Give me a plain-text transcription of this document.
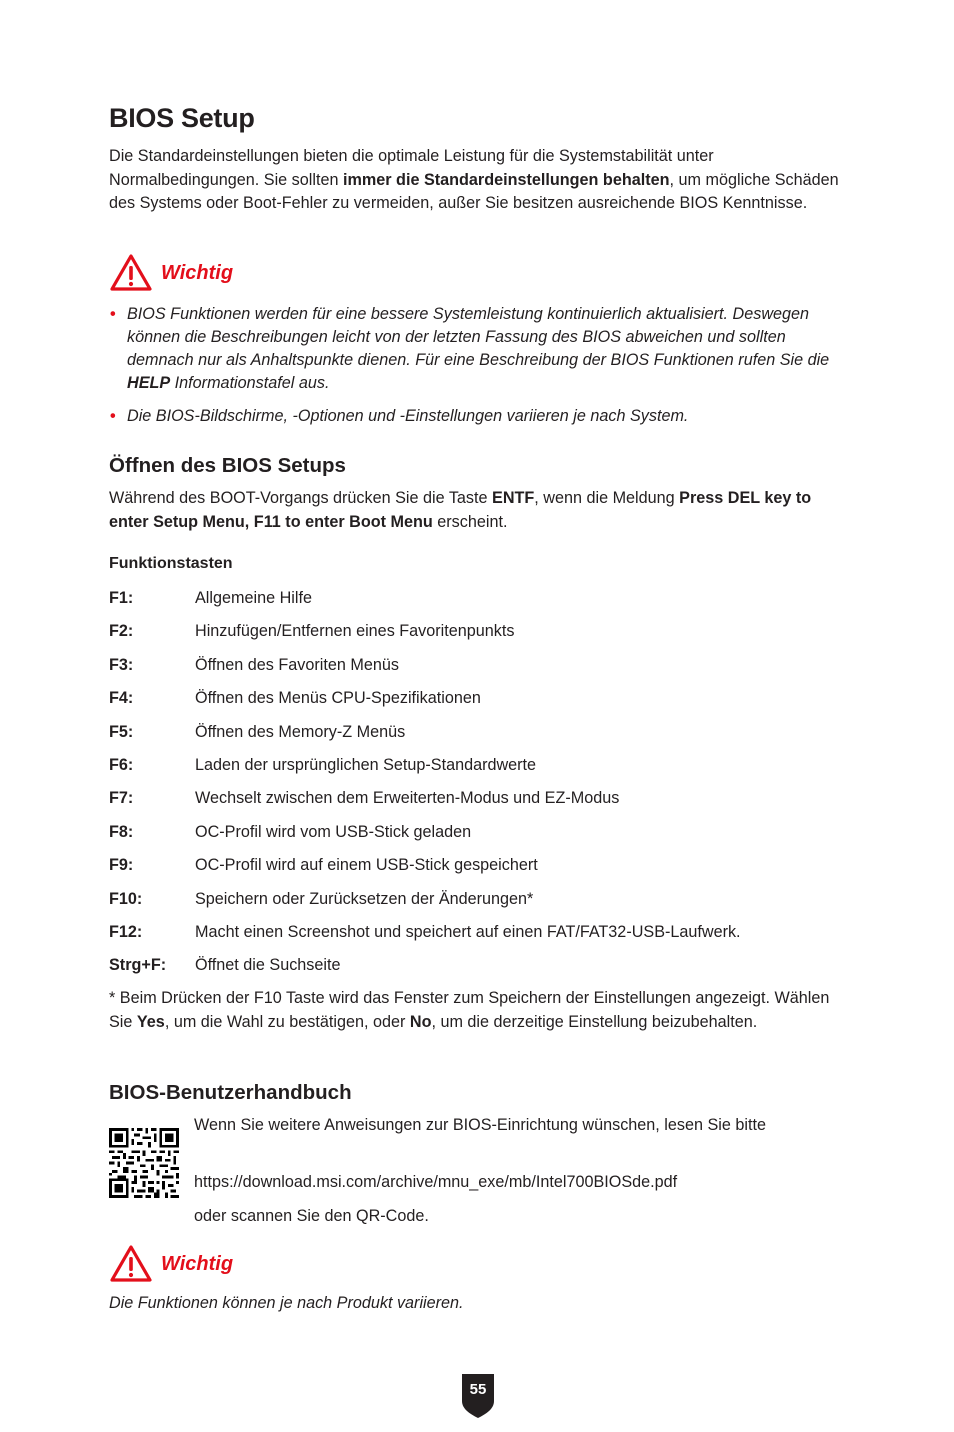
BIOS Setup

Die Standardeinstellungen bieten die optimale Leistung für die Systemstabilität unter Normalbedingungen. Sie sollten immer die Standardeinstellungen behalten, um mögliche Schäden des Systems oder Boot-Fehler zu vermeiden, außer Sie besitzen ausreichende BIOS Kenntnisse.

Wichtig
• BIOS Funktionen werden für eine bessere Systemleistung kontinuierlich aktualisiert. Deswegen können die Beschreibungen leicht von der letzten Fassung des BIOS abweichen und sollten demnach nur als Anhaltspunkte dienen. Für eine Beschreibung der BIOS Funktionen rufen Sie die HELP Informationstafel aus.
• Die BIOS-Bildschirme, -Optionen und -Einstellungen variieren je nach System.
Öffnen des BIOS Setups

Während des BOOT-Vorgangs drücken Sie die Taste ENTF, wenn die Meldung Press DEL key to enter Setup Menu, F11 to enter Boot Menu erscheint.

Funktionstasten
F1:	Allgemeine Hilfe
F2:	Hinzufügen/Entfernen eines Favoritenpunkts
F3:	Öffnen des Favoriten Menüs
F4:	Öffnen des Menüs CPU-Spezifikationen
F5:	Öffnen des Memory-Z Menüs
F6:	Laden der ursprünglichen Setup-Standardwerte
F7:	Wechselt zwischen dem Erweiterten-Modus und EZ-Modus
F8:	OC-Profil wird vom USB-Stick geladen
F9:	OC-Profil wird auf einem USB-Stick gespeichert
F10:	Speichern oder Zurücksetzen der Änderungen*
F12:	Macht einen Screenshot und speichert auf einen FAT/FAT32-USB-Laufwerk.
Strg+F: Öffnet die Suchseite

* Beim Drücken der F10 Taste wird das Fenster zum Speichern der Einstellungen angezeigt. Wählen Sie Yes, um die Wahl zu bestätigen, oder No, um die derzeitige Einstellung beizubehalten.

BIOS-Benutzerhandbuch

Wenn Sie weitere Anweisungen zur BIOS-Einrichtung wünschen, lesen Sie bitte

https://download.msi.com/archive/mnu_exe/mb/Intel700BIOSde.pdf

oder scannen Sie den QR-Code.

Wichtig

Die Funktionen können je nach Produkt variieren.

55
